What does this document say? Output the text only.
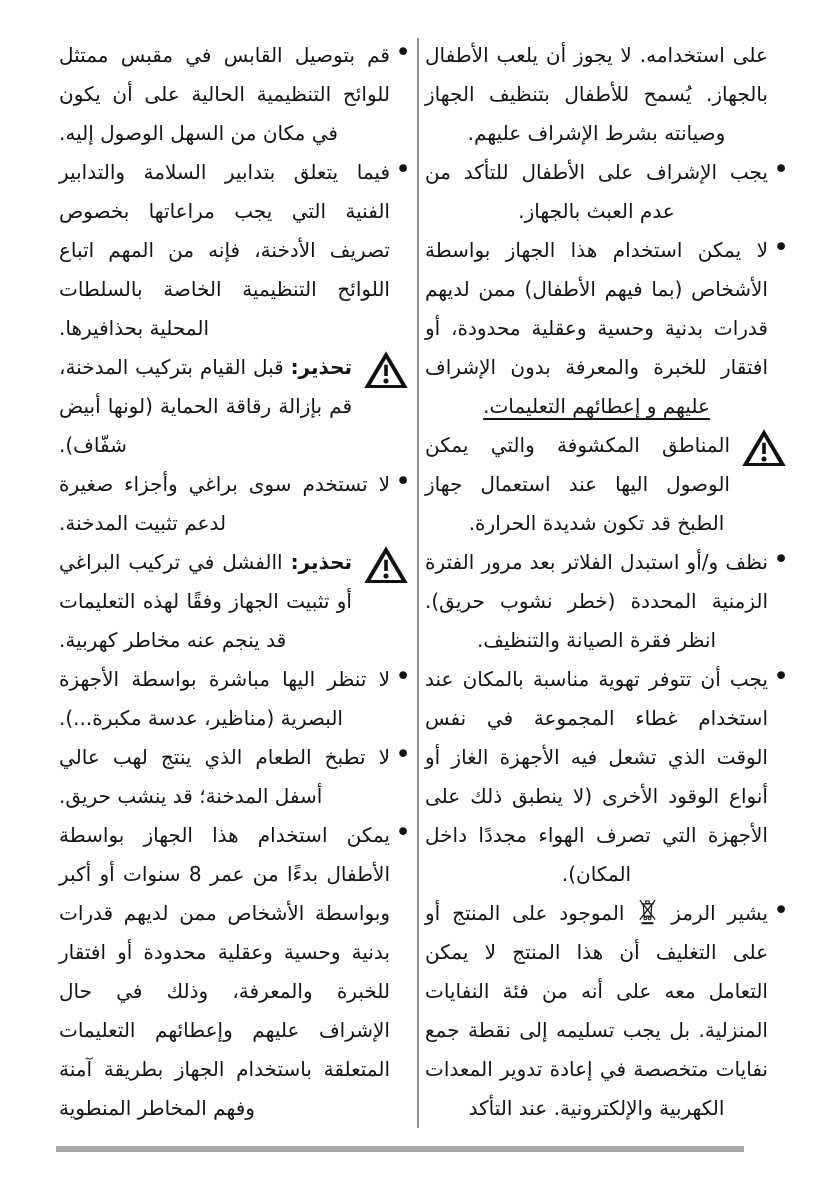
على استخدامه. لا يجوز أن يلعب الأطفال بالجهاز. يُسمح للأطفال بتنظيف الجهاز وصيانته بشرط الإشراف عليهم.
• يجب الإشراف على الأطفال للتأكد من عدم العبث بالجهاز.
• لا يمكن استخدام هذا الجهاز بواسطة الأشخاص (بما فيهم الأطفال) ممن لديهم قدرات بدنية وحسية وعقلية محدودة، أو افتقار للخبرة والمعرفة بدون الإشراف عليهم و إعطائهم التعليمات.
المناطق المكشوفة والتي يمكن الوصول اليها عند استعمال جهاز الطبخ قد تكون شديدة الحرارة.
• نظف و/أو استبدل الفلاتر بعد مرور الفترة الزمنية المحددة (خطر نشوب حريق). انظر فقرة الصيانة والتنظيف.
• يجب أن تتوفر تهوية مناسبة بالمكان عند استخدام غطاء المجموعة في نفس الوقت الذي تشعل فيه الأجهزة الغاز أو أنواع الوقود الأخرى (لا ينطبق ذلك على الأجهزة التي تصرف الهواء مجددًا داخل المكان).
• يشير الرمز  الموجود على المنتج أو على التغليف أن هذا المنتج لا يمكن التعامل معه على أنه من فئة النفايات المنزلية. بل يجب تسليمه إلى نقطة جمع نفايات متخصصة في إعادة تدوير المعدات الكهربية والإلكترونية. عند التأكد
• قم بتوصيل القابس في مقبس ممتثل للوائح التنظيمية الحالية على أن يكون في مكان من السهل الوصول إليه.
• فيما يتعلق بتدابير السلامة والتدابير الفنية التي يجب مراعاتها بخصوص تصريف الأدخنة، فإنه من المهم اتباع اللوائح التنظيمية الخاصة بالسلطات المحلية بحذافيرها.
تحذير: قبل القيام بتركيب المدخنة، قم بإزالة رقاقة الحماية (لونها أبيض شفّاف).
• لا تستخدم سوى براغي وأجزاء صغيرة لدعم تثبيت المدخنة.
تحذير: االفشل في تركيب البراغي أو تثبيت الجهاز وفقًا لهذه التعليمات قد ينجم عنه مخاطر كهربية.
• لا تنظر اليها مباشرة بواسطة الأجهزة البصرية (مناظير، عدسة مكبرة...).
• لا تطبخ الطعام الذي ينتج لهب عالي أسفل المدخنة؛ قد ينشب حريق.
• يمكن استخدام هذا الجهاز بواسطة الأطفال بدءًا من عمر 8 سنوات أو أكبر وبواسطة الأشخاص ممن لديهم قدرات بدنية وحسية وعقلية محدودة أو افتقار للخبرة والمعرفة، وذلك في حال الإشراف عليهم وإعطائهم التعليمات المتعلقة باستخدام الجهاز بطريقة آمنة وفهم المخاطر المنطوية
